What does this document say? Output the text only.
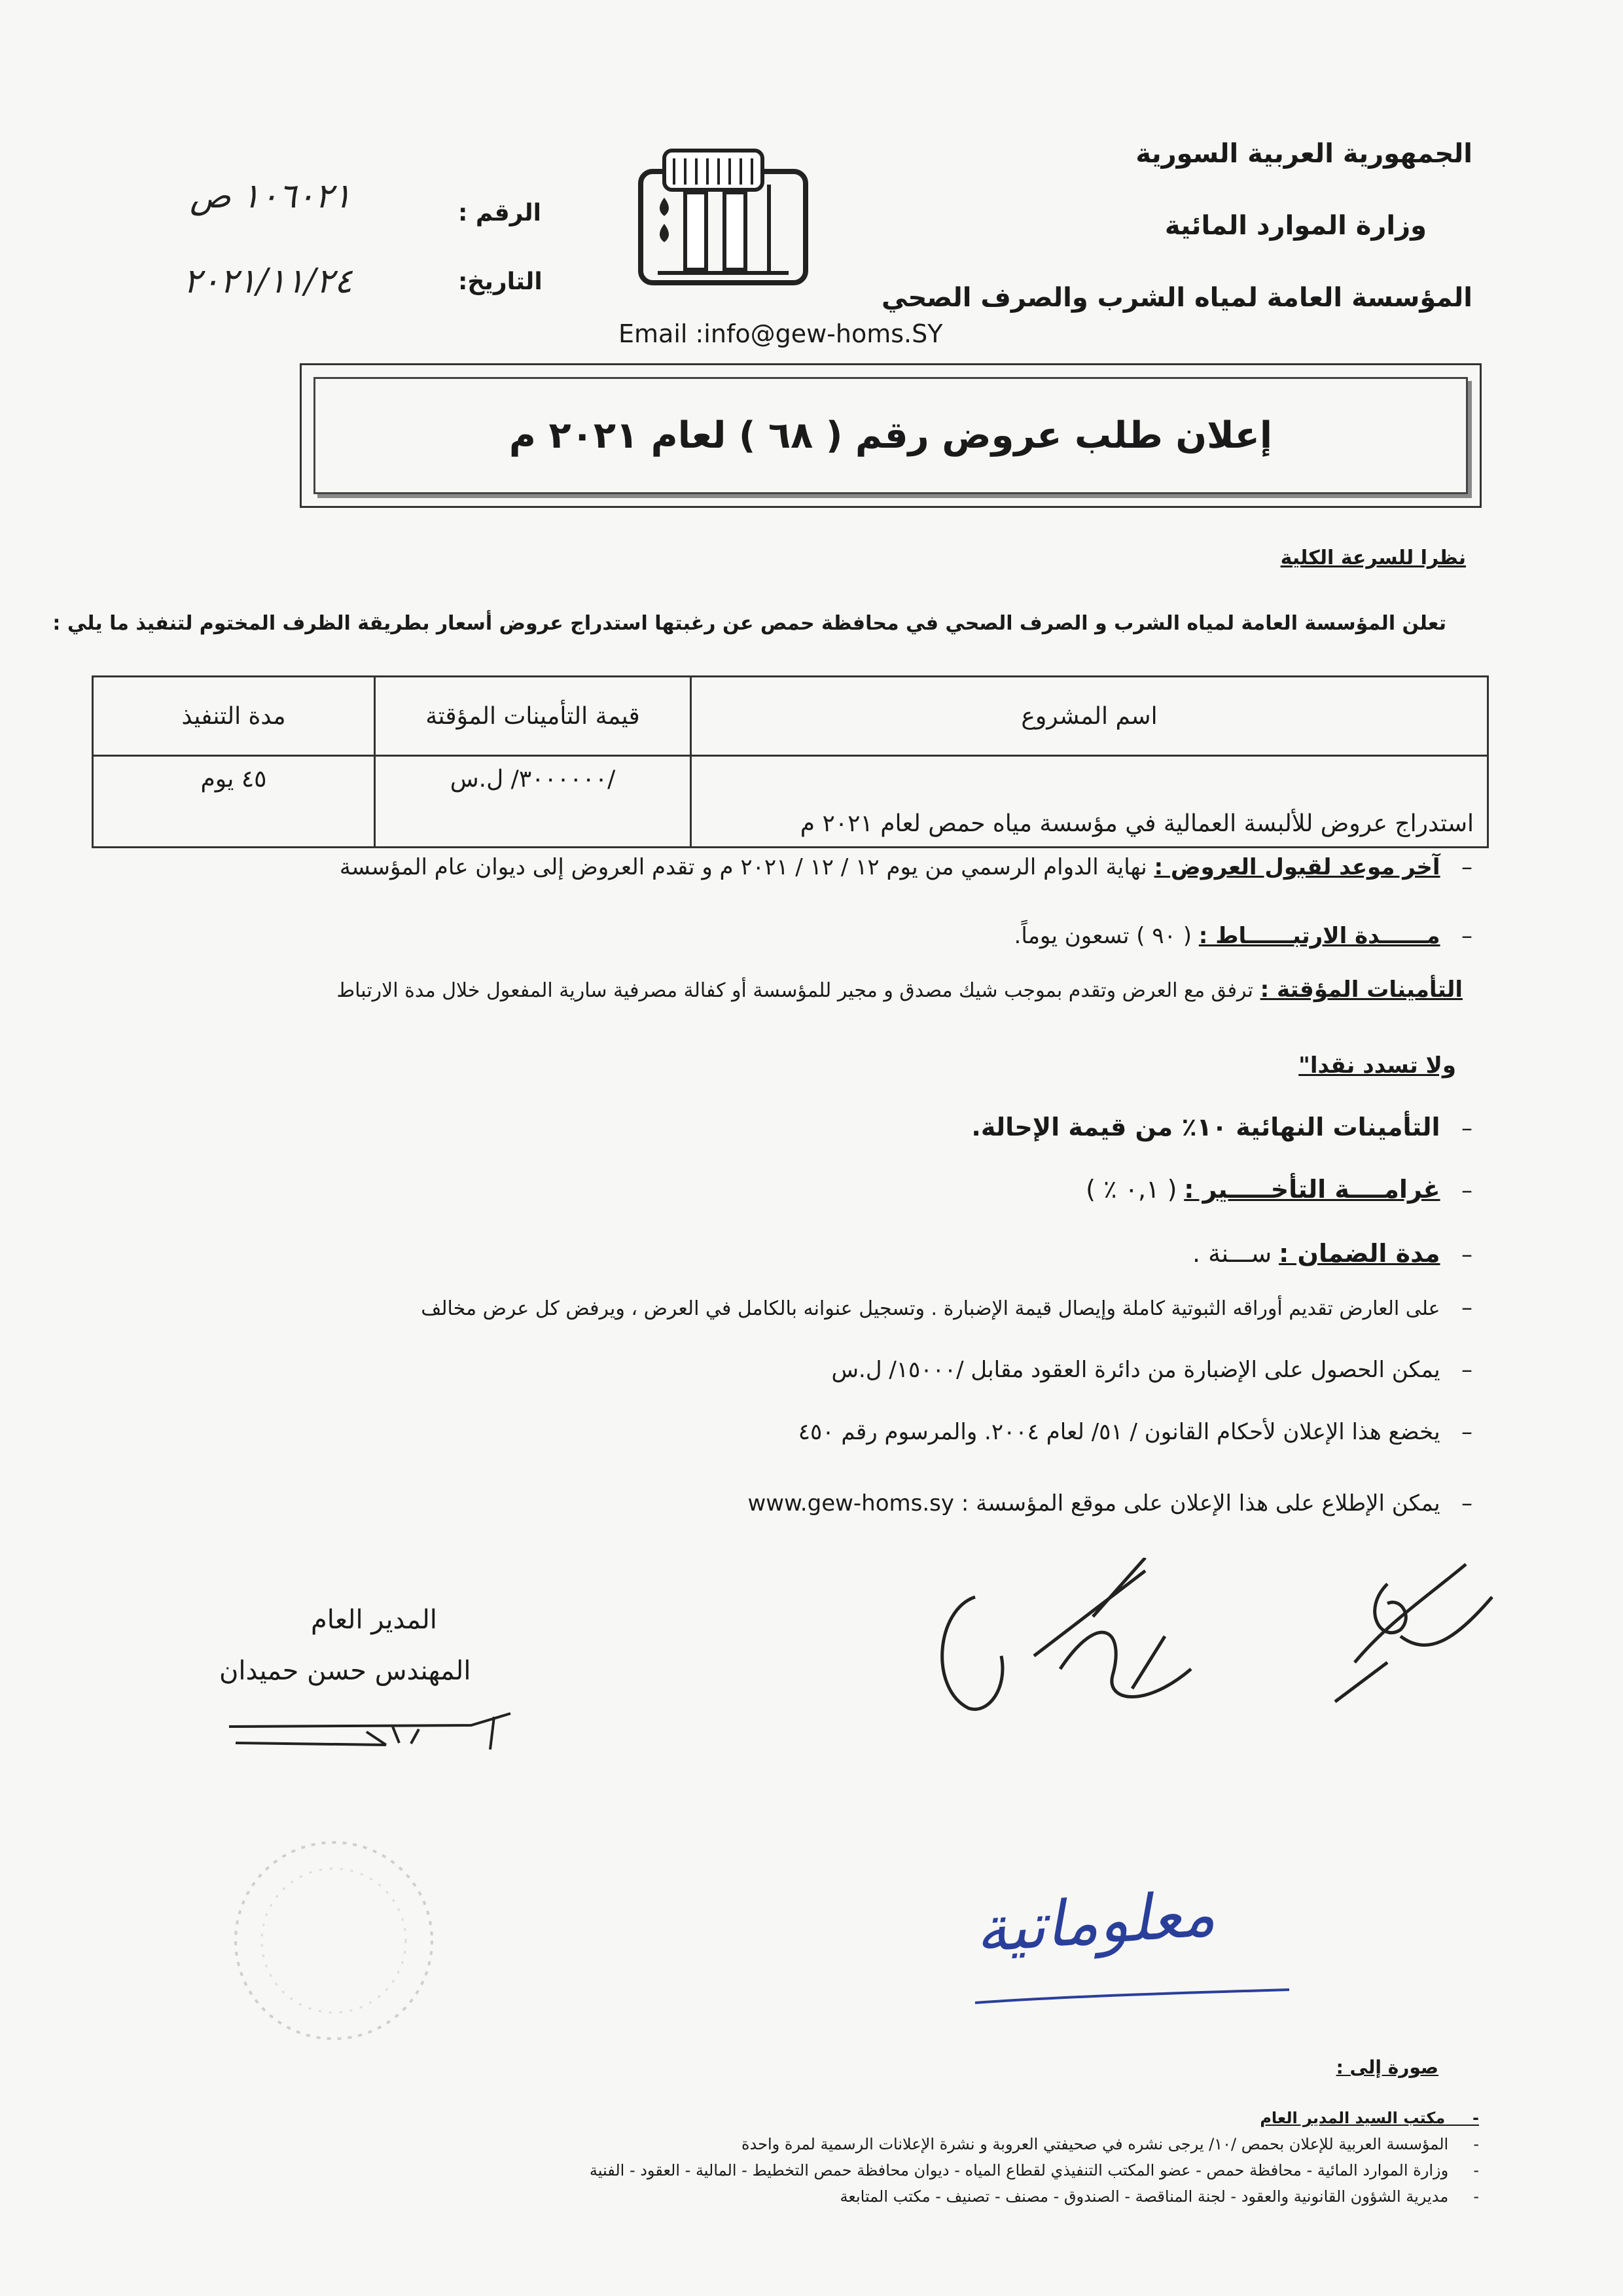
الجمهورية العربية السورية
وزارة الموارد المائية
المؤسسة العامة لمياه الشرب والصرف الصحي
الرقم :
١٠٦٠٢١ ص
التاريخ:
٢٠٢١/١١/٢٤
Email :info@gew-homs.SY
إعلان طلب عروض رقم ( ٦٨ ) لعام ٢٠٢١ م
نظرا للسرعة الكلية
تعلن المؤسسة العامة لمياه الشرب و الصرف الصحي في محافظة حمص عن رغبتها استدراج عروض أسعار بطريقة الظرف المختوم لتنفيذ ما يلي :
اسم المشروع	قيمة التأمينات المؤقتة	مدة التنفيذ
استدراج عروض للألبسة العمالية في مؤسسة مياه حمص لعام ٢٠٢١ م	/٣٠٠٠٠٠٠/ ل.س	٤٥ يوم
–   آخر موعد لقبول العروض : نهاية الدوام الرسمي من يوم ١٢ / ١٢ / ٢٠٢١ م و تقدم العروض إلى ديوان عام المؤسسة
–   مــــــدة الارتبــــــاط : ( ٩٠ ) تسعون يوماً.
التأمينات المؤقتة : ترفق مع العرض وتقدم بموجب شيك مصدق و مجير للمؤسسة أو كفالة مصرفية سارية المفعول خلال مدة الارتباط
ولا تسدد نقدا"
–   التأمينات النهائية ١٠٪ من قيمة الإحالة.
–   غرامــــة التأخـــــير : ( ٠,١ ٪ )
–   مدة الضمان : ســـنة .
–   على العارض تقديم أوراقه الثبوتية كاملة وإيصال قيمة الإضبارة . وتسجيل عنوانه بالكامل في العرض ، ويرفض كل عرض مخالف
–   يمكن الحصول على الإضبارة من دائرة العقود مقابل /١٥٠٠٠/ ل.س
–   يخضع هذا الإعلان لأحكام القانون / ٥١/ لعام ٢٠٠٤. والمرسوم رقم ٤٥٠
–   يمكن الإطلاع على هذا الإعلان على موقع المؤسسة : www.gew-homs.sy
المدير العام
المهندس حسن حميدان
معلوماتية
صورة إلى :
-     مكتب السيد المدير العام
-     المؤسسة العربية للإعلان بحمص /١٠/ يرجى نشره في صحيفتي العروبة و نشرة الإعلانات الرسمية لمرة واحدة
-     وزارة الموارد المائية - محافظة حمص - عضو المكتب التنفيذي لقطاع المياه - ديوان محافظة حمص التخطيط - المالية - العقود - الفنية
-     مديرية الشؤون القانونية والعقود - لجنة المناقصة - الصندوق - مصنف - تصنيف - مكتب المتابعة
